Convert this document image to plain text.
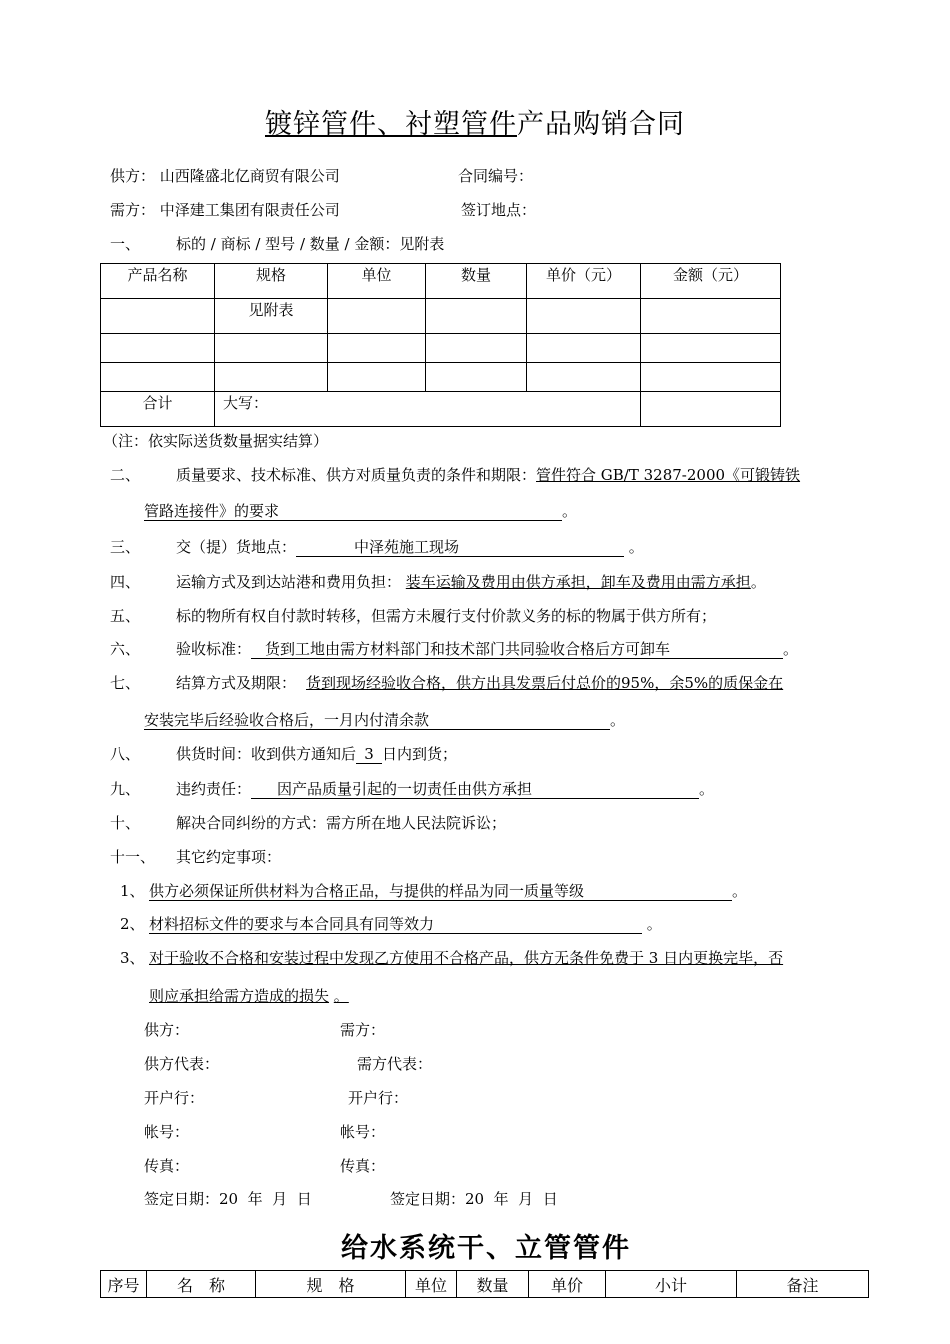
镀锌管件、衬塑管件产品购销合同
供方： 山西隆盛北亿商贸有限公司	合同编号：
需方： 中泽建工集团有限责任公司	签订地点：
一、 标的 / 商标 / 型号 / 数量 / 金额：见附表
产品名称	规格	单位	数量	单价（元）	金额（元）
	见附表				

合计	大写：				
（注：依实际送货数量据实结算）
二、 质量要求、技术标准、供方对质量负责的条件和期限：管件符合 GB/T 3287-2000《可锻铸铁
管路连接件》的要求	。
三、 交（提）货地点：	中泽苑施工现场	。
四、 运输方式及到达站港和费用负担： 装车运输及费用由供方承担，卸车及费用由需方承担。
五、 标的物所有权自付款时转移，但需方未履行支付价款义务的标的物属于供方所有；
六、 验收标准： 货到工地由需方材料部门和技术部门共同验收合格后方可卸车	。
七、 结算方式及期限： 货到现场经验收合格，供方出具发票后付总价的95%，余5%的质保金在
安装完毕后经验收合格后，一月内付清余款	。
八、 供货时间：收到供方通知后 3 日内到货；
九、 违约责任： 因产品质量引起的一切责任由供方承担	。
十、 解决合同纠纷的方式：需方所在地人民法院诉讼；
十一、 其它约定事项：
1、 供方必须保证所供材料为合格正品，与提供的样品为同一质量等级	。
2、 材料招标文件的要求与本合同具有同等效力	。
3、 对于验收不合格和安装过程中发现乙方使用不合格产品，供方无条件免费于 3 日内更换完毕，否
则应承担给需方造成的损失 。
供方：	需方：
供方代表：	需方代表：
开户行：	开户行：
帐号：	帐号：
传真：	传真：
签定日期：20  年  月  日	签定日期：20  年  月  日
给水系统干、立管管件
序号	名　称	规　格	单位	数量	单价	小计	备注
